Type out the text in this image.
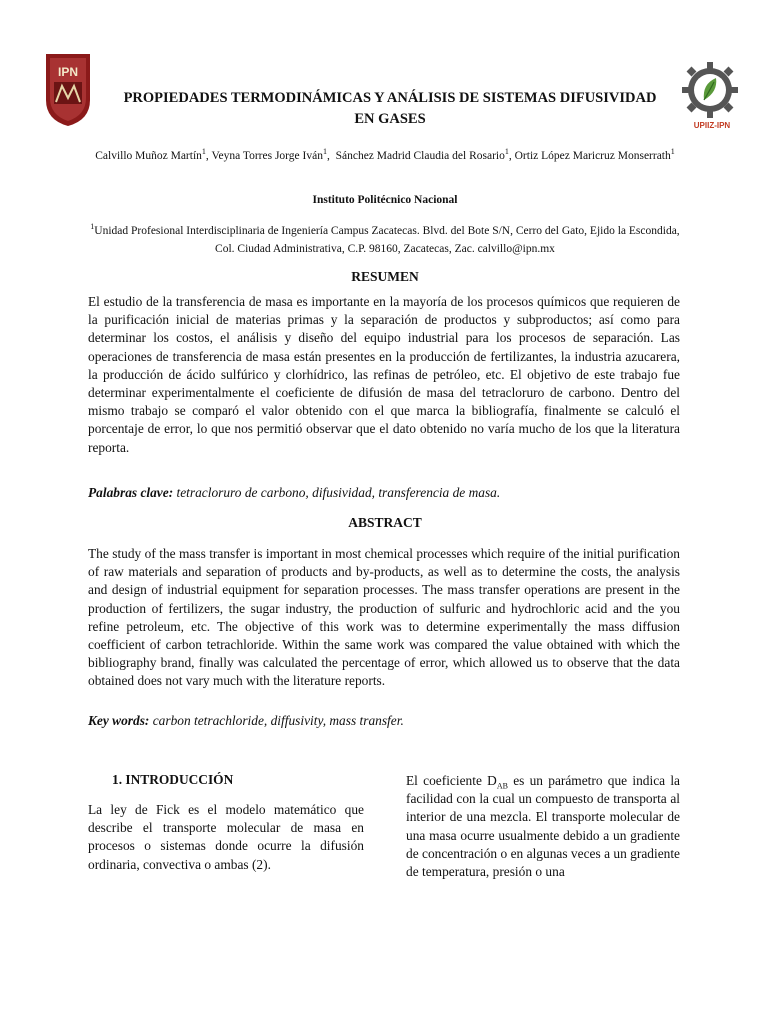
IPN
UPIIZ-IPN
PROPIEDADES TERMODINÁMICAS Y ANÁLISIS DE SISTEMAS DIFUSIVIDAD
EN GASES
Calvillo Muñoz Martín$^1$, Veyna Torres Jorge Iván$^1$,  Sánchez Madrid Claudia del Rosario$^1$, Ortiz López Maricruz Monserrath$^1$
Instituto Politécnico Nacional
$^1$Unidad Profesional Interdisciplinaria de Ingeniería Campus Zacatecas. Blvd. del Bote S/N, Cerro del Gato, Ejido la Escondida, Col. Ciudad Administrativa, C.P. 98160, Zacatecas, Zac. calvillo@ipn.mx
RESUMEN

El estudio de la transferencia de masa es importante en la mayoría de los procesos químicos que requieren de la purificación inicial de materias primas y la separación de productos y subproductos; así como para determinar los costos, el análisis y diseño del equipo industrial para los procesos de separación. Las operaciones de transferencia de masa están presentes en la producción de fertilizantes, la industria azucarera, la producción de ácido sulfúrico y clorhídrico, las refinas de petróleo, etc. El objetivo de este trabajo fue determinar experimentalmente el coeficiente de difusión de masa del tetracloruro de carbono. Dentro del mismo trabajo se comparó el valor obtenido con el que marca la bibliografía, finalmente se calculó el porcentaje de error, lo que nos permitió observar que el dato obtenido no varía mucho de los que la literatura reporta.

Palabras clave: tetracloruro de carbono, difusividad, transferencia de masa.

ABSTRACT

The study of the mass transfer is important in most chemical processes which require of the initial purification of raw materials and separation of products and by-products, as well as to determine the costs, the analysis and design of industrial equipment for separation processes. The mass transfer operations are present in the production of fertilizers, the sugar industry, the production of sulfuric and hydrochloric acid and the you refine petroleum, etc. The objective of this work was to determine experimentally the mass diffusion coefficient of carbon tetrachloride. Within the same work was compared the value obtained with which the bibliography brand, finally was calculated the percentage of error, which allowed us to observe that the data obtained does not vary much with the literature reports.

Key words: carbon tetrachloride, diffusivity, mass transfer.

1. INTRODUCCIÓN

La ley de Fick es el modelo matemático que describe el transporte molecular de masa en procesos o sistemas donde ocurre la difusión ordinaria, convectiva o ambas (2).

El coeficiente $D_{AB}$ es un parámetro que indica la facilidad con la cual un compuesto de transporta al interior de una mezcla. El transporte molecular de una masa ocurre usualmente debido a un gradiente de concentración o en algunas veces a un gradiente de temperatura, presión o una
